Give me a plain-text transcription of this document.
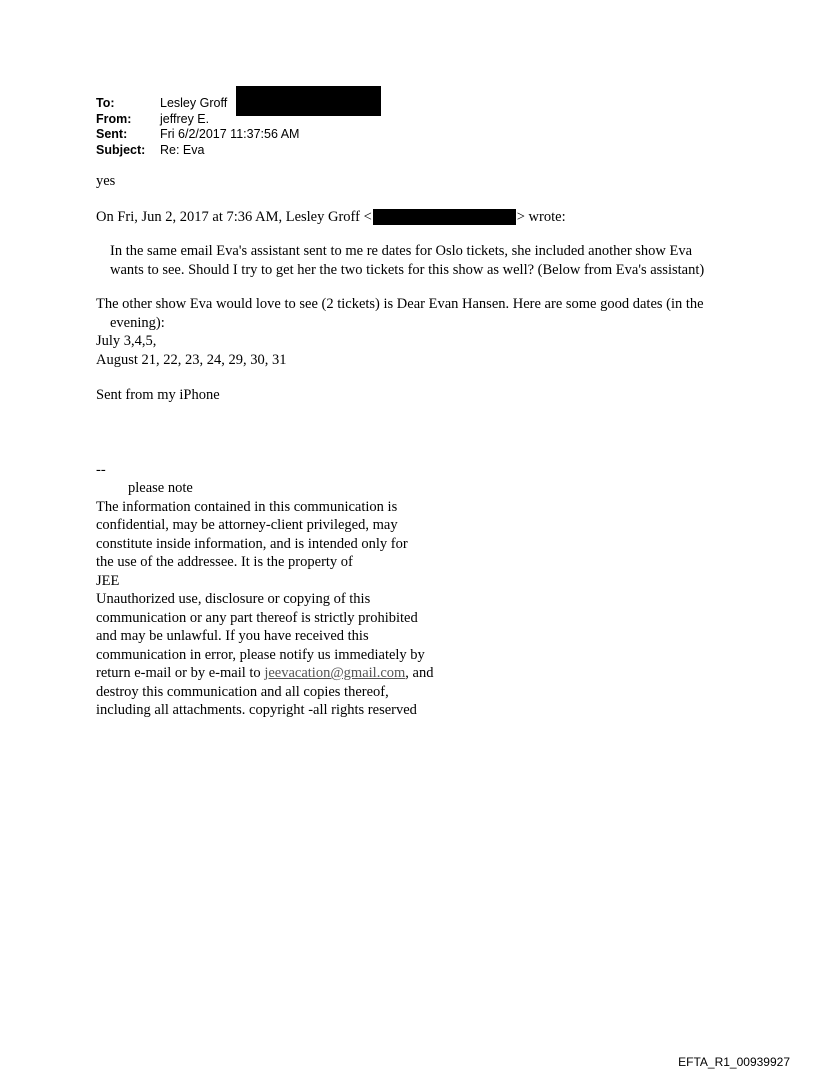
To:	Lesley Groff
From:	jeffrey E.
Sent:	Fri 6/2/2017 11:37:56 AM
Subject:	Re: Eva

yes

On Fri, Jun 2, 2017 at 7:36 AM, Lesley Groff <	> wrote:

In the same email Eva's assistant sent to me re dates for Oslo tickets, she included another show Eva wants to see. Should I try to get her the two tickets for this show as well? (Below from Eva's assistant)

The other show Eva would love to see (2 tickets) is Dear Evan Hansen. Here are some good dates (in the evening):

July 3,4,5,

August 21, 22, 23, 24, 29, 30, 31

Sent from my iPhone

--

please note

The information contained in this communication is

confidential, may be attorney-client privileged, may

constitute inside information, and is intended only for

the use of the addressee. It is the property of

JEE

Unauthorized use, disclosure or copying of this

communication or any part thereof is strictly prohibited

and may be unlawful. If you have received this

communication in error, please notify us immediately by

return e-mail or by e-mail to jeevacation@gmail.com, and

destroy this communication and all copies thereof,

including all attachments. copyright -all rights reserved

EFTA_R1_00939927
